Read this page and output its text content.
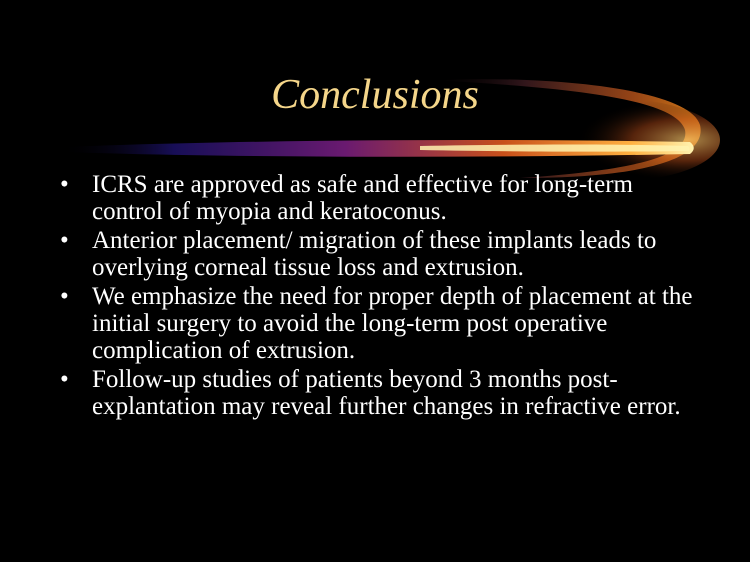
Conclusions
• ICRS are approved as safe and effective for long-term control of myopia and keratoconus.
• Anterior placement/ migration of these implants leads to overlying corneal tissue loss and extrusion.
• We emphasize the need for proper depth of placement at the initial surgery to avoid the long-term post operative complication of extrusion.
• Follow-up studies of patients beyond 3 months post-explantation may reveal further changes in refractive error.
